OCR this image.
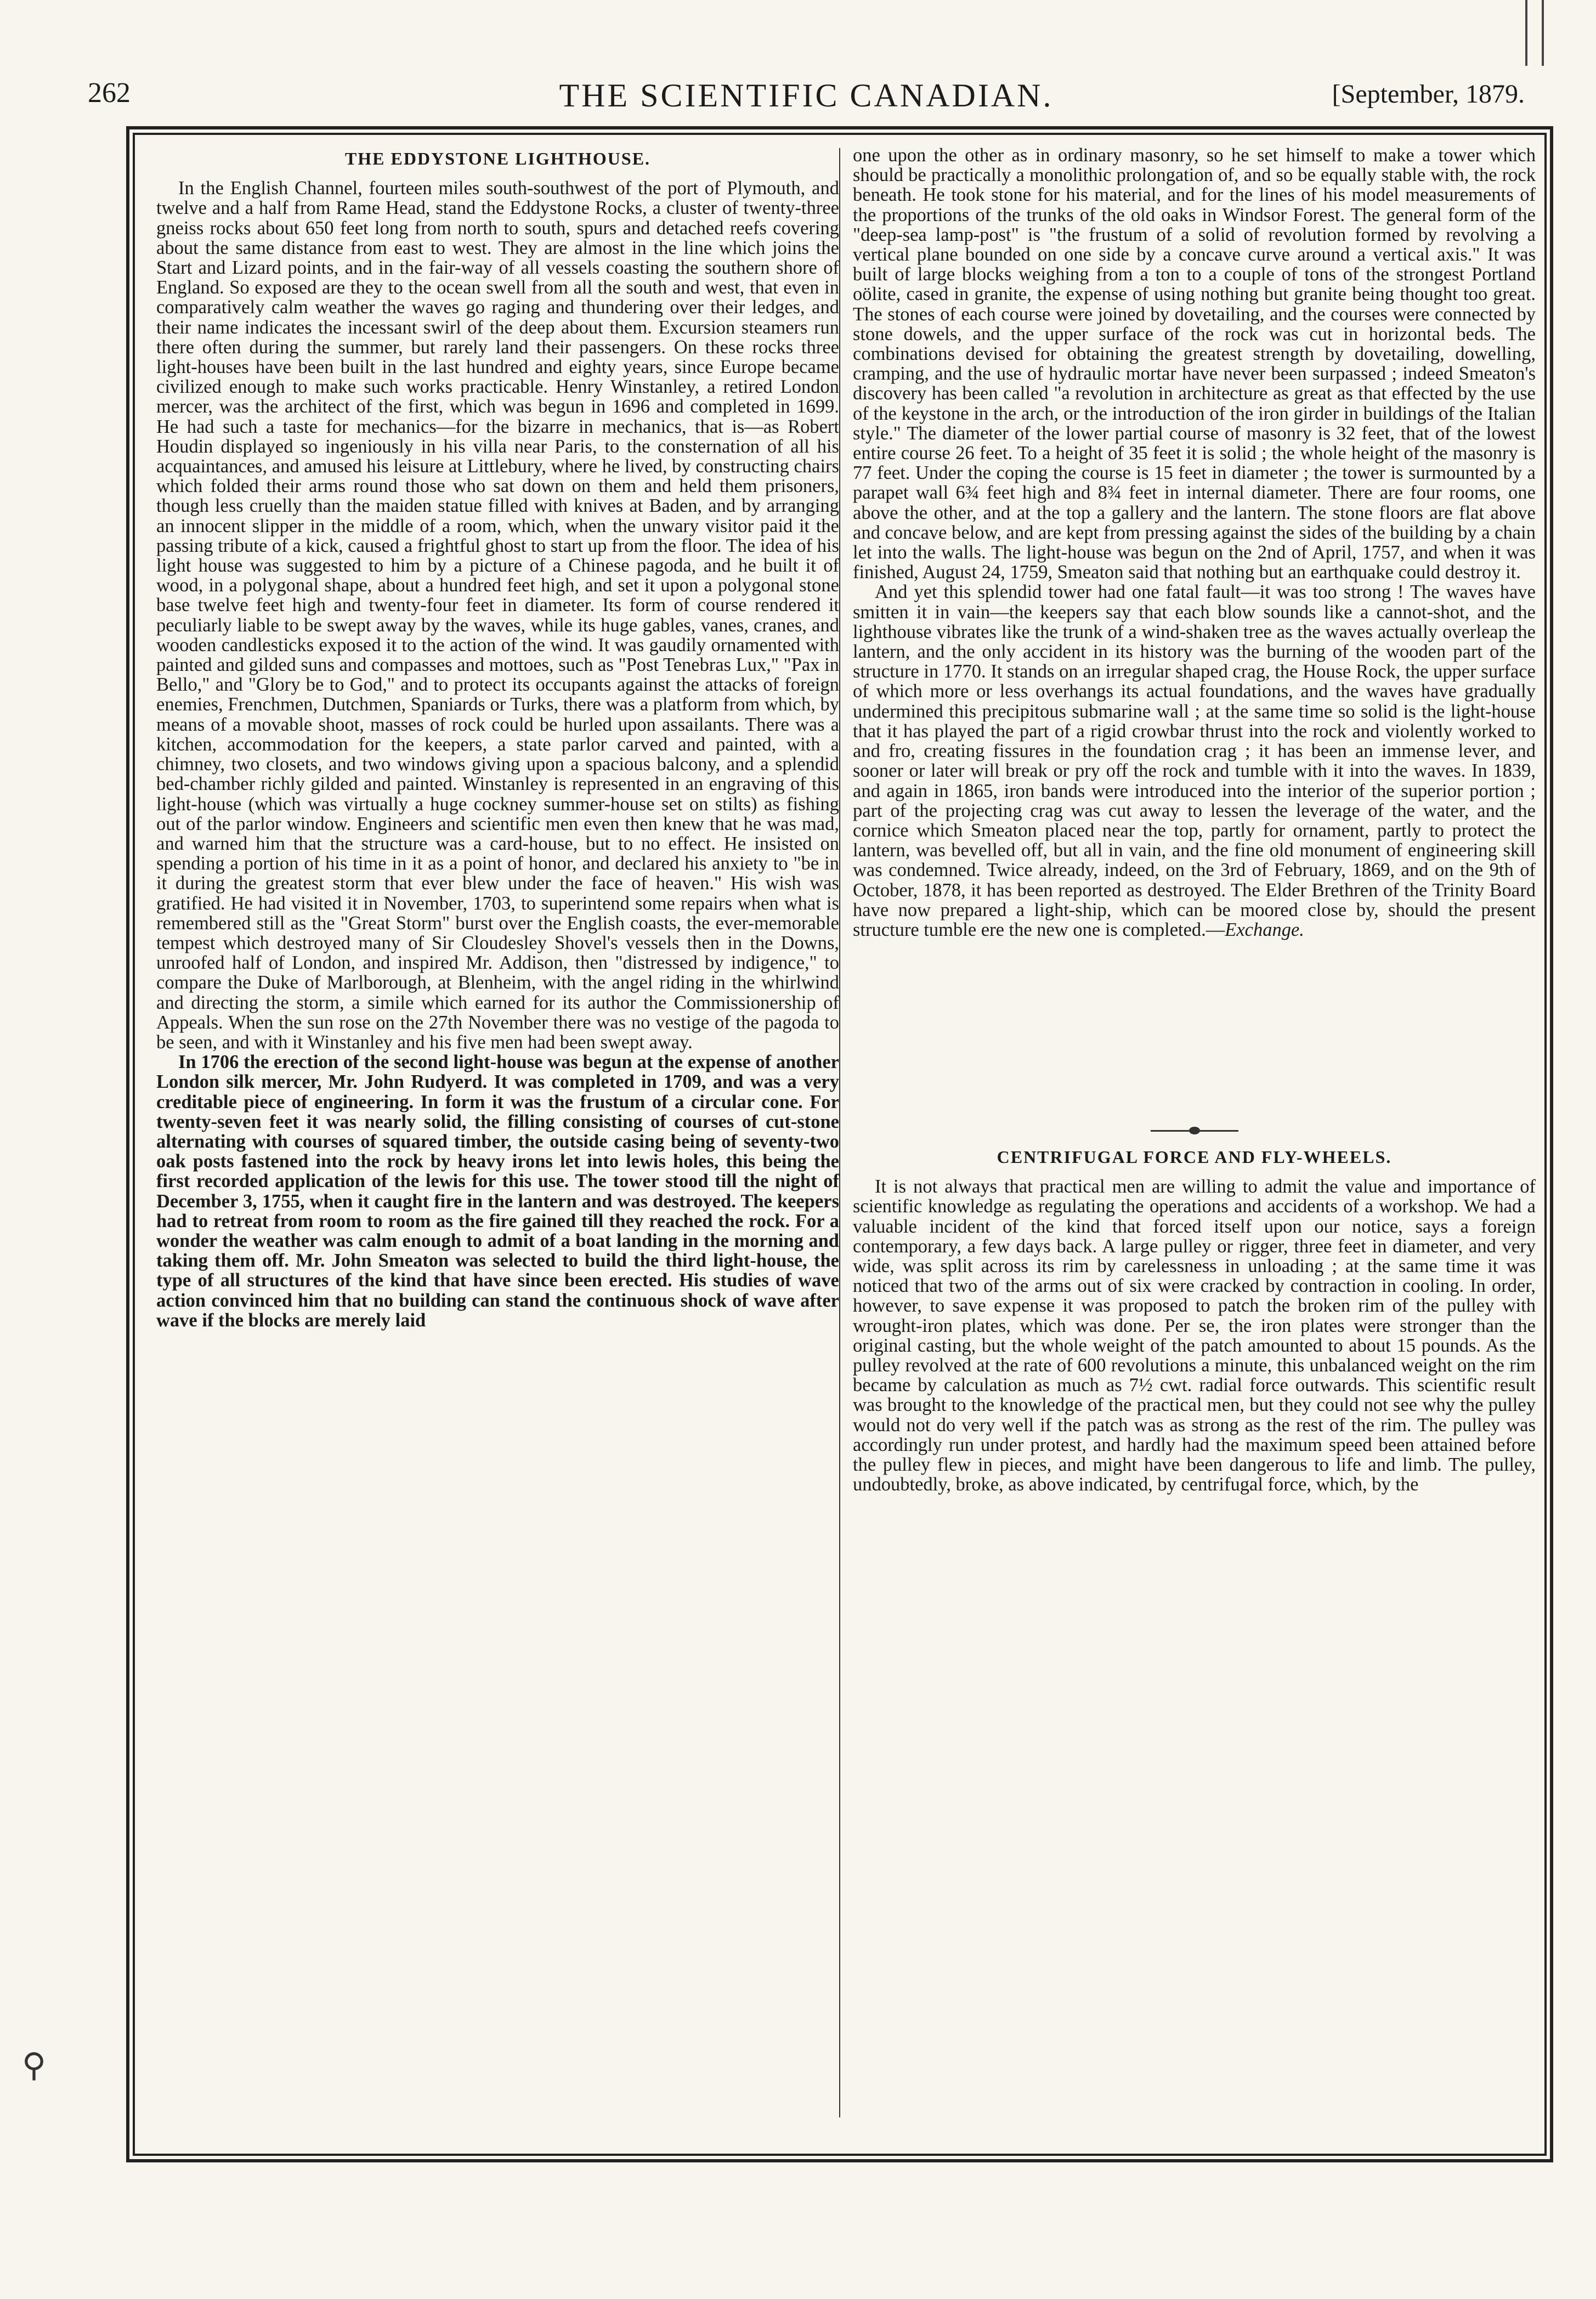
262	THE SCIENTIFIC CANADIAN.	[September, 1879.
THE EDDYSTONE LIGHTHOUSE.

In the English Channel, fourteen miles south-southwest of the port of Plymouth, and twelve and a half from Rame Head, stand the Eddystone Rocks, a cluster of twenty-three gneiss rocks about 650 feet long from north to south, spurs and detached reefs covering about the same distance from east to west. They are almost in the line which joins the Start and Lizard points, and in the fair-way of all vessels coasting the southern shore of England. So exposed are they to the ocean swell from all the south and west, that even in comparatively calm weather the waves go raging and thundering over their ledges, and their name indicates the incessant swirl of the deep about them. Excursion steamers run there often during the summer, but rarely land their passengers. On these rocks three light-houses have been built in the last hundred and eighty years, since Europe became civilized enough to make such works practicable. Henry Winstanley, a retired London mercer, was the architect of the first, which was begun in 1696 and completed in 1699. He had such a taste for mechanics—for the bizarre in mechanics, that is—as Robert Houdin displayed so ingeniously in his villa near Paris, to the consternation of all his acquaintances, and amused his leisure at Littlebury, where he lived, by constructing chairs which folded their arms round those who sat down on them and held them prisoners, though less cruelly than the maiden statue filled with knives at Baden, and by arranging an innocent slipper in the middle of a room, which, when the unwary visitor paid it the passing tribute of a kick, caused a frightful ghost to start up from the floor. The idea of his light house was suggested to him by a picture of a Chinese pagoda, and he built it of wood, in a polygonal shape, about a hundred feet high, and set it upon a polygonal stone base twelve feet high and twenty-four feet in diameter. Its form of course rendered it peculiarly liable to be swept away by the waves, while its huge gables, vanes, cranes, and wooden candlesticks exposed it to the action of the wind. It was gaudily ornamented with painted and gilded suns and compasses and mottoes, such as "Post Tenebras Lux," "Pax in Bello," and "Glory be to God," and to protect its occupants against the attacks of foreign enemies, Frenchmen, Dutchmen, Spaniards or Turks, there was a platform from which, by means of a movable shoot, masses of rock could be hurled upon assailants. There was a kitchen, accommodation for the keepers, a state parlor carved and painted, with a chimney, two closets, and two windows giving upon a spacious balcony, and a splendid bed-chamber richly gilded and painted. Winstanley is represented in an engraving of this light-house (which was virtually a huge cockney summer-house set on stilts) as fishing out of the parlor window. Engineers and scientific men even then knew that he was mad, and warned him that the structure was a card-house, but to no effect. He insisted on spending a portion of his time in it as a point of honor, and declared his anxiety to "be in it during the greatest storm that ever blew under the face of heaven." His wish was gratified. He had visited it in November, 1703, to superintend some repairs when what is remembered still as the "Great Storm" burst over the English coasts, the ever-memorable tempest which destroyed many of Sir Cloudesley Shovel's vessels then in the Downs, unroofed half of London, and inspired Mr. Addison, then "distressed by indigence," to compare the Duke of Marlborough, at Blenheim, with the angel riding in the whirlwind and directing the storm, a simile which earned for its author the Commissionership of Appeals. When the sun rose on the 27th November there was no vestige of the pagoda to be seen, and with it Winstanley and his five men had been swept away.

In 1706 the erection of the second light-house was begun at the expense of another London silk mercer, Mr. John Rudyerd. It was completed in 1709, and was a very creditable piece of engineering. In form it was the frustum of a circular cone. For twenty-seven feet it was nearly solid, the filling consisting of courses of cut-stone alternating with courses of squared timber, the outside casing being of seventy-two oak posts fastened into the rock by heavy irons let into lewis holes, this being the first recorded application of the lewis for this use. The tower stood till the night of December 3, 1755, when it caught fire in the lantern and was destroyed. The keepers had to retreat from room to room as the fire gained till they reached the rock. For a wonder the weather was calm enough to admit of a boat landing in the morning and taking them off. Mr. John Smeaton was selected to build the third light-house, the type of all structures of the kind that have since been erected. His studies of wave action convinced him that no building can stand the continuous shock of wave after wave if the blocks are merely laid

one upon the other as in ordinary masonry, so he set himself to make a tower which should be practically a monolithic prolongation of, and so be equally stable with, the rock beneath. He took stone for his material, and for the lines of his model measurements of the proportions of the trunks of the old oaks in Windsor Forest. The general form of the "deep-sea lamp-post" is "the frustum of a solid of revolution formed by revolving a vertical plane bounded on one side by a concave curve around a vertical axis." It was built of large blocks weighing from a ton to a couple of tons of the strongest Portland oölite, cased in granite, the expense of using nothing but granite being thought too great. The stones of each course were joined by dovetailing, and the courses were connected by stone dowels, and the upper surface of the rock was cut in horizontal beds. The combinations devised for obtaining the greatest strength by dovetailing, dowelling, cramping, and the use of hydraulic mortar have never been surpassed ; indeed Smeaton's discovery has been called "a revolution in architecture as great as that effected by the use of the keystone in the arch, or the introduction of the iron girder in buildings of the Italian style." The diameter of the lower partial course of masonry is 32 feet, that of the lowest entire course 26 feet. To a height of 35 feet it is solid ; the whole height of the masonry is 77 feet. Under the coping the course is 15 feet in diameter ; the tower is surmounted by a parapet wall 6¾ feet high and 8¾ feet in internal diameter. There are four rooms, one above the other, and at the top a gallery and the lantern. The stone floors are flat above and concave below, and are kept from pressing against the sides of the building by a chain let into the walls. The light-house was begun on the 2nd of April, 1757, and when it was finished, August 24, 1759, Smeaton said that nothing but an earthquake could destroy it.

And yet this splendid tower had one fatal fault—it was too strong ! The waves have smitten it in vain—the keepers say that each blow sounds like a cannot-shot, and the lighthouse vibrates like the trunk of a wind-shaken tree as the waves actually overleap the lantern, and the only accident in its history was the burning of the wooden part of the structure in 1770. It stands on an irregular shaped crag, the House Rock, the upper surface of which more or less overhangs its actual foundations, and the waves have gradually undermined this precipitous submarine wall ; at the same time so solid is the light-house that it has played the part of a rigid crowbar thrust into the rock and violently worked to and fro, creating fissures in the foundation crag ; it has been an immense lever, and sooner or later will break or pry off the rock and tumble with it into the waves. In 1839, and again in 1865, iron bands were introduced into the interior of the superior portion ; part of the projecting crag was cut away to lessen the leverage of the water, and the cornice which Smeaton placed near the top, partly for ornament, partly to protect the lantern, was bevelled off, but all in vain, and the fine old monument of engineering skill was condemned. Twice already, indeed, on the 3rd of February, 1869, and on the 9th of October, 1878, it has been reported as destroyed. The Elder Brethren of the Trinity Board have now prepared a light-ship, which can be moored close by, should the present structure tumble ere the new one is completed.—Exchange.

CENTRIFUGAL FORCE AND FLY-WHEELS.

It is not always that practical men are willing to admit the value and importance of scientific knowledge as regulating the operations and accidents of a workshop. We had a valuable incident of the kind that forced itself upon our notice, says a foreign contemporary, a few days back. A large pulley or rigger, three feet in diameter, and very wide, was split across its rim by carelessness in unloading ; at the same time it was noticed that two of the arms out of six were cracked by contraction in cooling. In order, however, to save expense it was proposed to patch the broken rim of the pulley with wrought-iron plates, which was done. Per se, the iron plates were stronger than the original casting, but the whole weight of the patch amounted to about 15 pounds. As the pulley revolved at the rate of 600 revolutions a minute, this unbalanced weight on the rim became by calculation as much as 7½ cwt. radial force outwards. This scientific result was brought to the knowledge of the practical men, but they could not see why the pulley would not do very well if the patch was as strong as the rest of the rim. The pulley was accordingly run under protest, and hardly had the maximum speed been attained before the pulley flew in pieces, and might have been dangerous to life and limb. The pulley, undoubtedly, broke, as above indicated, by centrifugal force, which, by the

⚲
